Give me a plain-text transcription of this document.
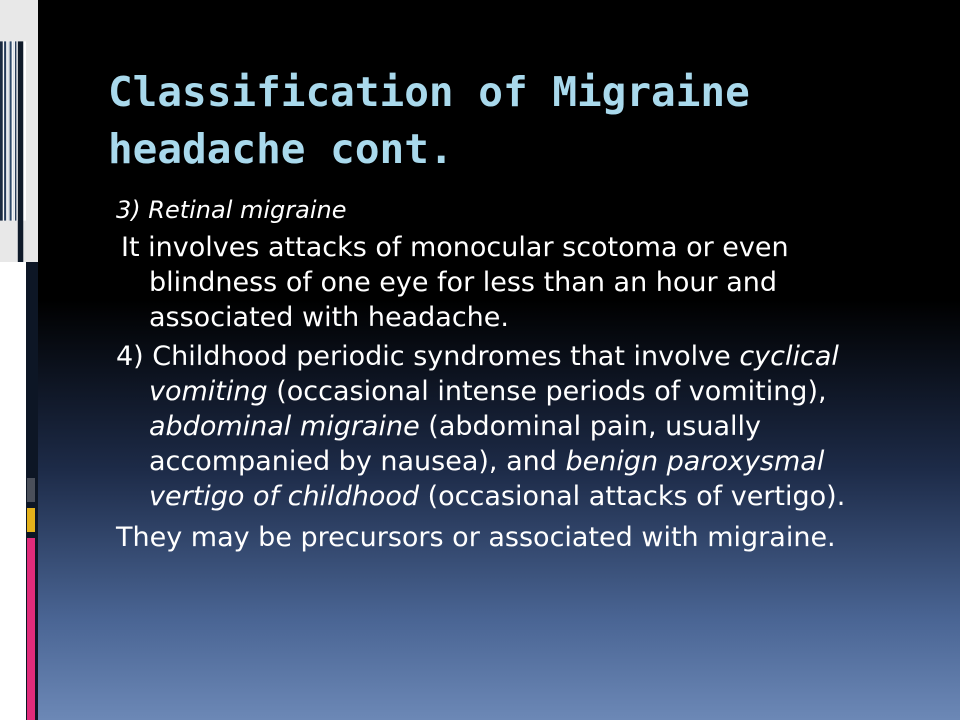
Classification of Migraine
headache cont.

3) Retinal migraine

It involves attacks of monocular scotoma or even blindness of one eye for less than an hour and associated with headache.

4) Childhood periodic syndromes that involve cyclical vomiting (occasional intense periods of vomiting), abdominal migraine (abdominal pain, usually accompanied by nausea), and benign paroxysmal vertigo of childhood (occasional attacks of vertigo).

They may be precursors or associated with migraine.
